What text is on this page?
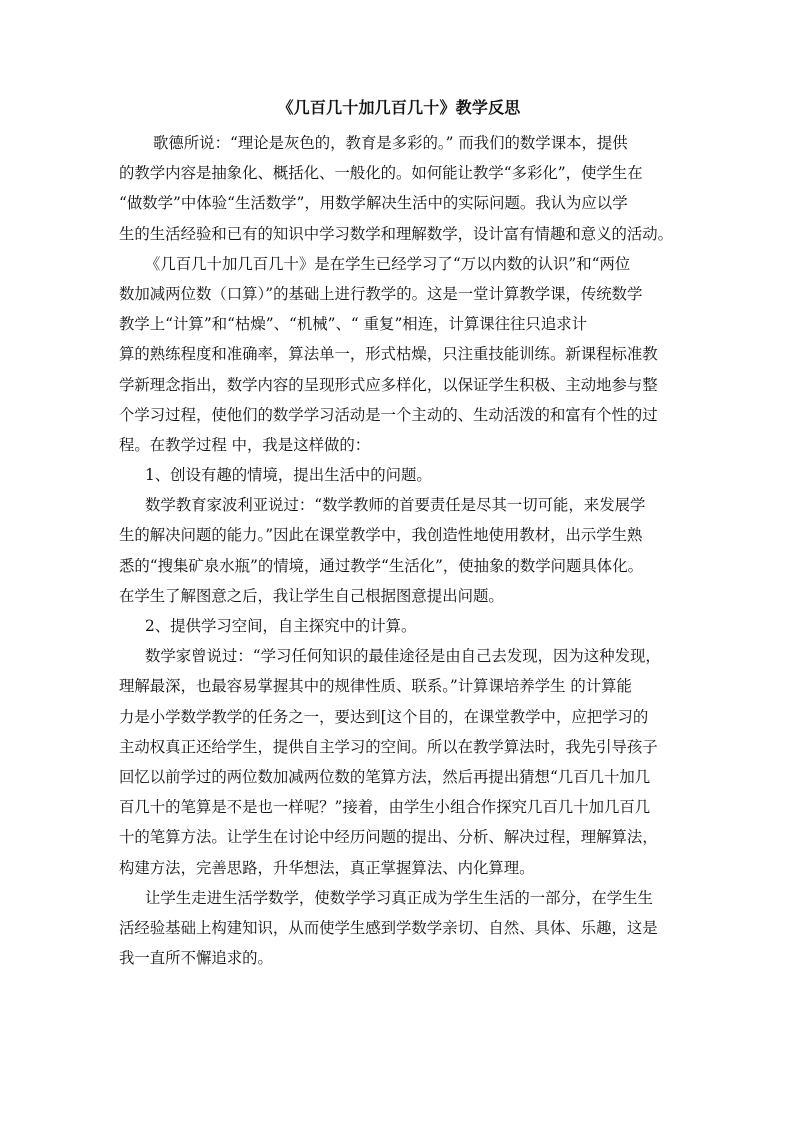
《几百几十加几百几十》教学反思

歌德所说：“理论是灰色的，教育是多彩的。” 而我们的数学课本，提供

的教学内容是抽象化、概括化、一般化的。如何能让教学“多彩化”，使学生在

“做数学”中体验“生活数学”，用数学解决生活中的实际问题。我认为应以学

生的生活经验和已有的知识中学习数学和理解数学，设计富有情趣和意义的活动。

《几百几十加几百几十》是在学生已经学习了“万以内数的认识”和“两位

数加减两位数（口算）”的基础上进行教学的。这是一堂计算教学课，传统数学

教学上“计算”和“枯燥”、“机械”、“ 重复”相连，计算课往往只追求计

算的熟练程度和准确率，算法单一，形式枯燥，只注重技能训练。新课程标准教

学新理念指出，数学内容的呈现形式应多样化，以保证学生积极、主动地参与整

个学习过程，使他们的数学学习活动是一个主动的、生动活泼的和富有个性的过

程。在教学过程 中，我是这样做的：

1、创设有趣的情境，提出生活中的问题。

数学教育家波利亚说过：“数学教师的首要责任是尽其一切可能，来发展学

生的解决问题的能力。”因此在课堂教学中，我创造性地使用教材，出示学生熟

悉的“搜集矿泉水瓶”的情境，通过教学“生活化”，使抽象的数学问题具体化。

在学生了解图意之后，我让学生自己根据图意提出问题。

2、提供学习空间，自主探究中的计算。

数学家曾说过：“学习任何知识的最佳途径是由自己去发现，因为这种发现，

理解最深，也最容易掌握其中的规律性质、联系。”计算课培养学生 的计算能

力是小学数学教学的任务之一，要达到[这个目的，在课堂教学中，应把学习的

主动权真正还给学生，提供自主学习的空间。所以在教学算法时，我先引导孩子

回忆以前学过的两位数加减两位数的笔算方法，然后再提出猜想“几百几十加几

百几十的笔算是不是也一样呢？”接着，由学生小组合作探究几百几十加几百几

十的笔算方法。让学生在讨论中经历问题的提出、分析、解决过程，理解算法，

构建方法，完善思路，升华想法，真正掌握算法、内化算理。

让学生走进生活学数学，使数学学习真正成为学生生活的一部分，在学生生

活经验基础上构建知识，从而使学生感到学数学亲切、自然、具体、乐趣，这是

我一直所不懈追求的。
